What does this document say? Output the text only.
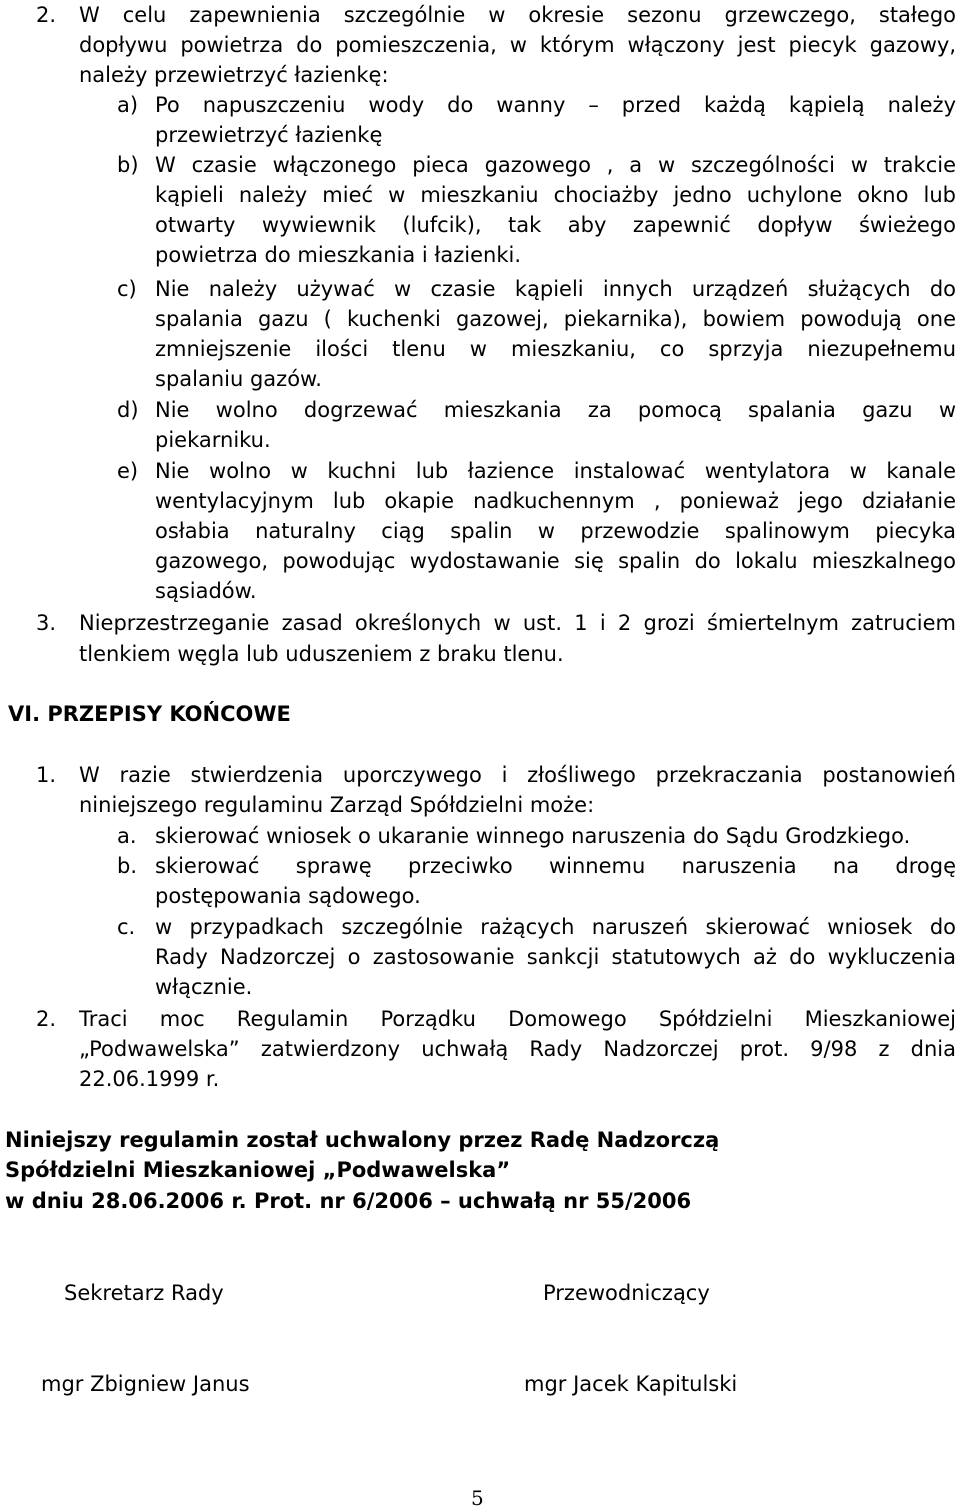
2. W celu zapewnienia szczególnie w okresie sezonu grzewczego, stałego
dopływu powietrza do pomieszczenia, w którym włączony jest piecyk gazowy,
należy przewietrzyć łazienkę:
a) Po napuszczeniu wody do wanny – przed każdą kąpielą należy
przewietrzyć łazienkę
b) W czasie włączonego pieca gazowego , a w szczególności w trakcie
kąpieli należy mieć w mieszkaniu chociażby jedno uchylone okno lub
otwarty wywiewnik (lufcik), tak aby zapewnić dopływ świeżego
powietrza do mieszkania i łazienki.
c) Nie należy używać w czasie kąpieli innych urządzeń służących do
spalania gazu ( kuchenki gazowej, piekarnika), bowiem powodują one
zmniejszenie ilości tlenu w mieszkaniu, co sprzyja niezupełnemu
spalaniu gazów.
d) Nie wolno dogrzewać mieszkania za pomocą spalania gazu w
piekarniku.
e) Nie wolno w kuchni lub łazience instalować wentylatora w kanale
wentylacyjnym lub okapie nadkuchennym , ponieważ jego działanie
osłabia naturalny ciąg spalin w przewodzie spalinowym piecyka
gazowego, powodując wydostawanie się spalin do lokalu mieszkalnego
sąsiadów.
3. Nieprzestrzeganie zasad określonych w ust. 1 i 2 grozi śmiertelnym zatruciem
tlenkiem węgla lub uduszeniem z braku tlenu.
VI. PRZEPISY KOŃCOWE
1. W razie stwierdzenia uporczywego i złośliwego przekraczania postanowień
niniejszego regulaminu Zarząd Spółdzielni może:
a. skierować wniosek o ukaranie winnego naruszenia do Sądu Grodzkiego.
b. skierować sprawę przeciwko winnemu naruszenia na drogę
postępowania sądowego.
c. w przypadkach szczególnie rażących naruszeń skierować wniosek do
Rady Nadzorczej o zastosowanie sankcji statutowych aż do wykluczenia
włącznie.
2. Traci moc Regulamin Porządku Domowego Spółdzielni Mieszkaniowej
„Podwawelska” zatwierdzony uchwałą Rady Nadzorczej prot. 9/98 z dnia
22.06.1999 r.
Niniejszy regulamin został uchwalony przez Radę Nadzorczą
Spółdzielni Mieszkaniowej „Podwawelska”
w dniu 28.06.2006 r. Prot. nr 6/2006 – uchwałą nr 55/2006
Sekretarz Rady	Przewodniczący
mgr Zbigniew Janus	mgr Jacek Kapitulski
5
